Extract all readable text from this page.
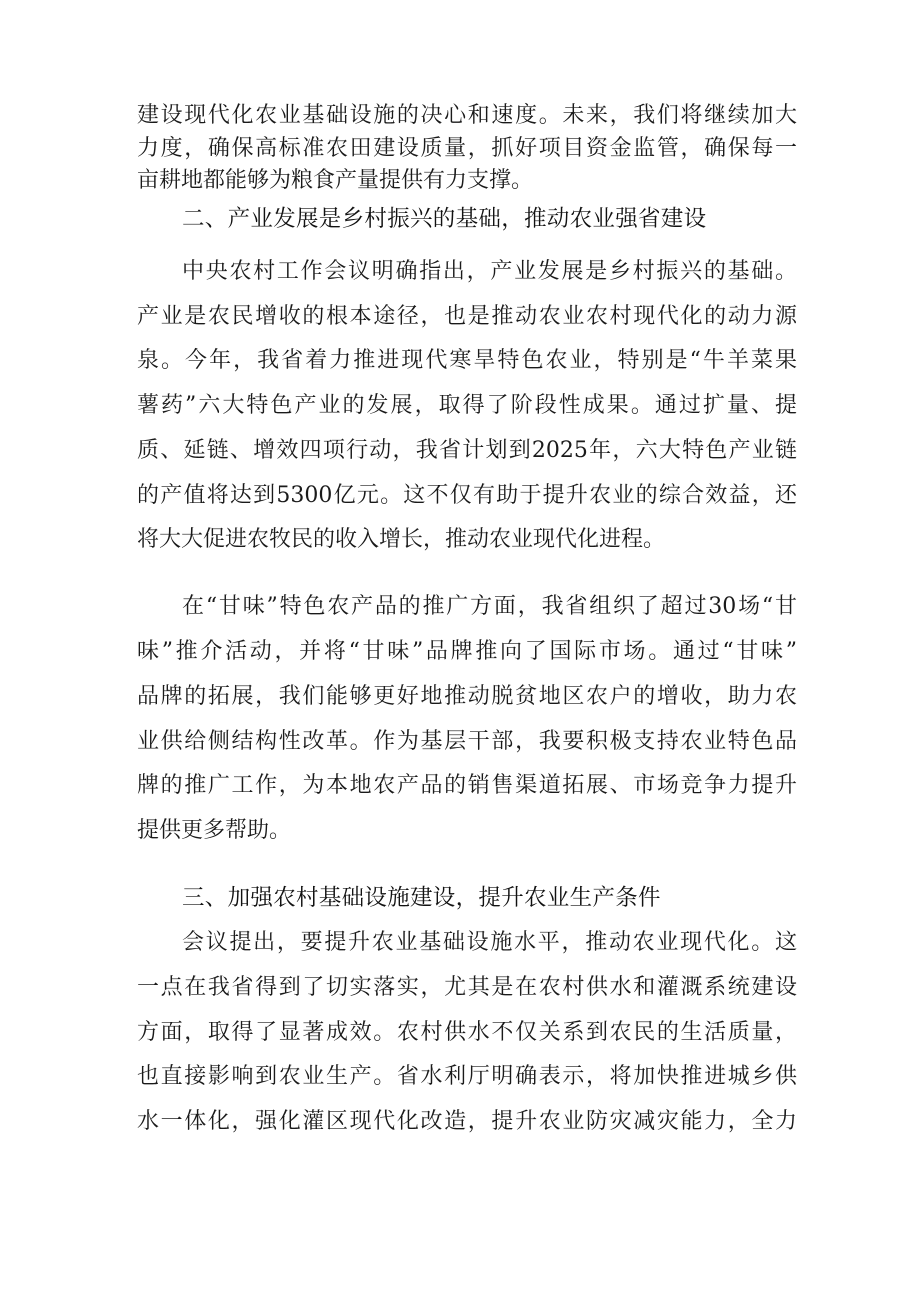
建设现代化农业基础设施的决心和速度。未来，我们将继续加大
力度，确保高标准农田建设质量，抓好项目资金监管，确保每一
亩耕地都能够为粮食产量提供有力支撑。
二、产业发展是乡村振兴的基础，推动农业强省建设
中央农村工作会议明确指出，产业发展是乡村振兴的基础。
产业是农民增收的根本途径，也是推动农业农村现代化的动力源
泉。今年，我省着力推进现代寒旱特色农业，特别是“牛羊菜果
薯药”六大特色产业的发展，取得了阶段性成果。通过扩量、提
质、延链、增效四项行动，我省计划到2025年，六大特色产业链
的产值将达到5300亿元。这不仅有助于提升农业的综合效益，还
将大大促进农牧民的收入增长，推动农业现代化进程。
在“甘味”特色农产品的推广方面，我省组织了超过30场“甘
味”推介活动，并将“甘味”品牌推向了国际市场。通过“甘味”
品牌的拓展，我们能够更好地推动脱贫地区农户的增收，助力农
业供给侧结构性改革。作为基层干部，我要积极支持农业特色品
牌的推广工作，为本地农产品的销售渠道拓展、市场竞争力提升
提供更多帮助。
三、加强农村基础设施建设，提升农业生产条件
会议提出，要提升农业基础设施水平，推动农业现代化。这
一点在我省得到了切实落实，尤其是在农村供水和灌溉系统建设
方面，取得了显著成效。农村供水不仅关系到农民的生活质量，
也直接影响到农业生产。省水利厅明确表示，将加快推进城乡供
水一体化，强化灌区现代化改造，提升农业防灾减灾能力，全力
